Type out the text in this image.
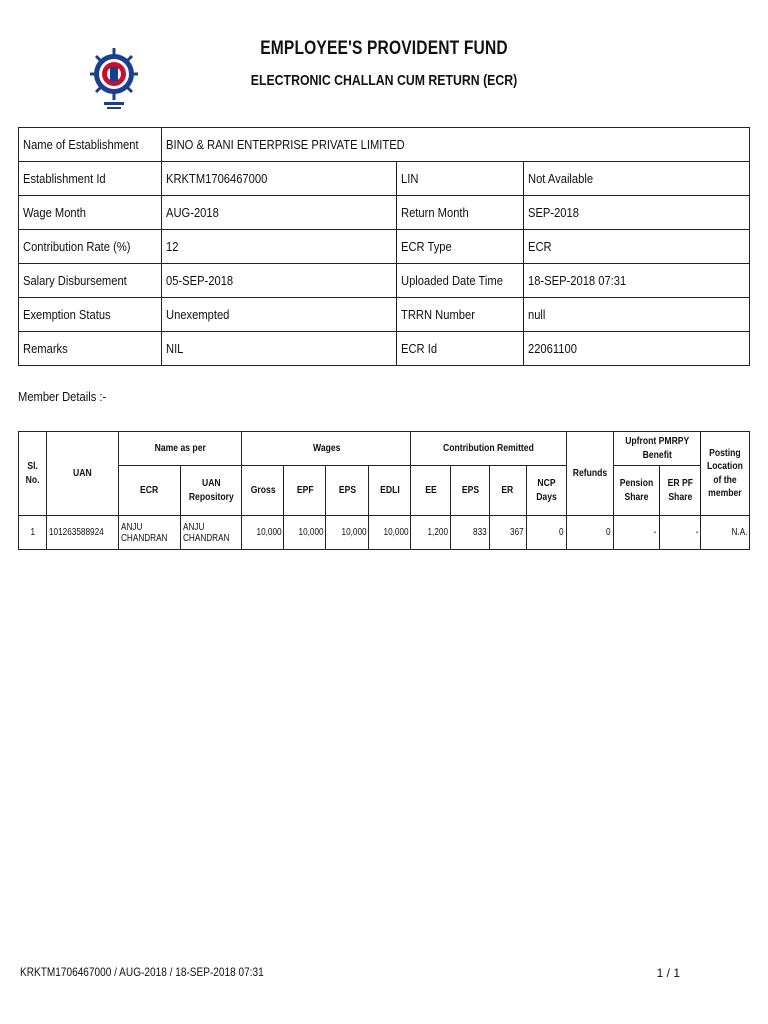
EMPLOYEE'S PROVIDENT FUND
ELECTRONIC CHALLAN CUM RETURN (ECR)
Name of Establishment	BINO & RANI ENTERPRISE PRIVATE LIMITED		
Establishment Id	KRKTM1706467000	LIN	Not Available
Wage Month	AUG-2018	Return Month	SEP-2018
Contribution Rate (%)	12	ECR Type	ECR
Salary Disbursement	05-SEP-2018	Uploaded Date Time	18-SEP-2018 07:31
Exemption Status	Unexempted	TRRN Number	null
Remarks	NIL	ECR Id	22061100
Member Details :-
Sl. No.	UAN	Name as per		Wages				Contribution Remitted				Refunds	Upfront PMRPY Benefit		Posting Location of the member
		ECR	UAN Repository	Gross	EPF	EPS	EDLI	EE	EPS	ER	NCP Days		Pension Share	ER PF Share	
1	101263588924	ANJU CHANDRAN	ANJU CHANDRAN	10,000	10,000	10,000	10,000	1,200	833	367	0	0	-	-	N.A.
KRKTM1706467000 / AUG-2018 / 18-SEP-2018 07:31	1 / 1
